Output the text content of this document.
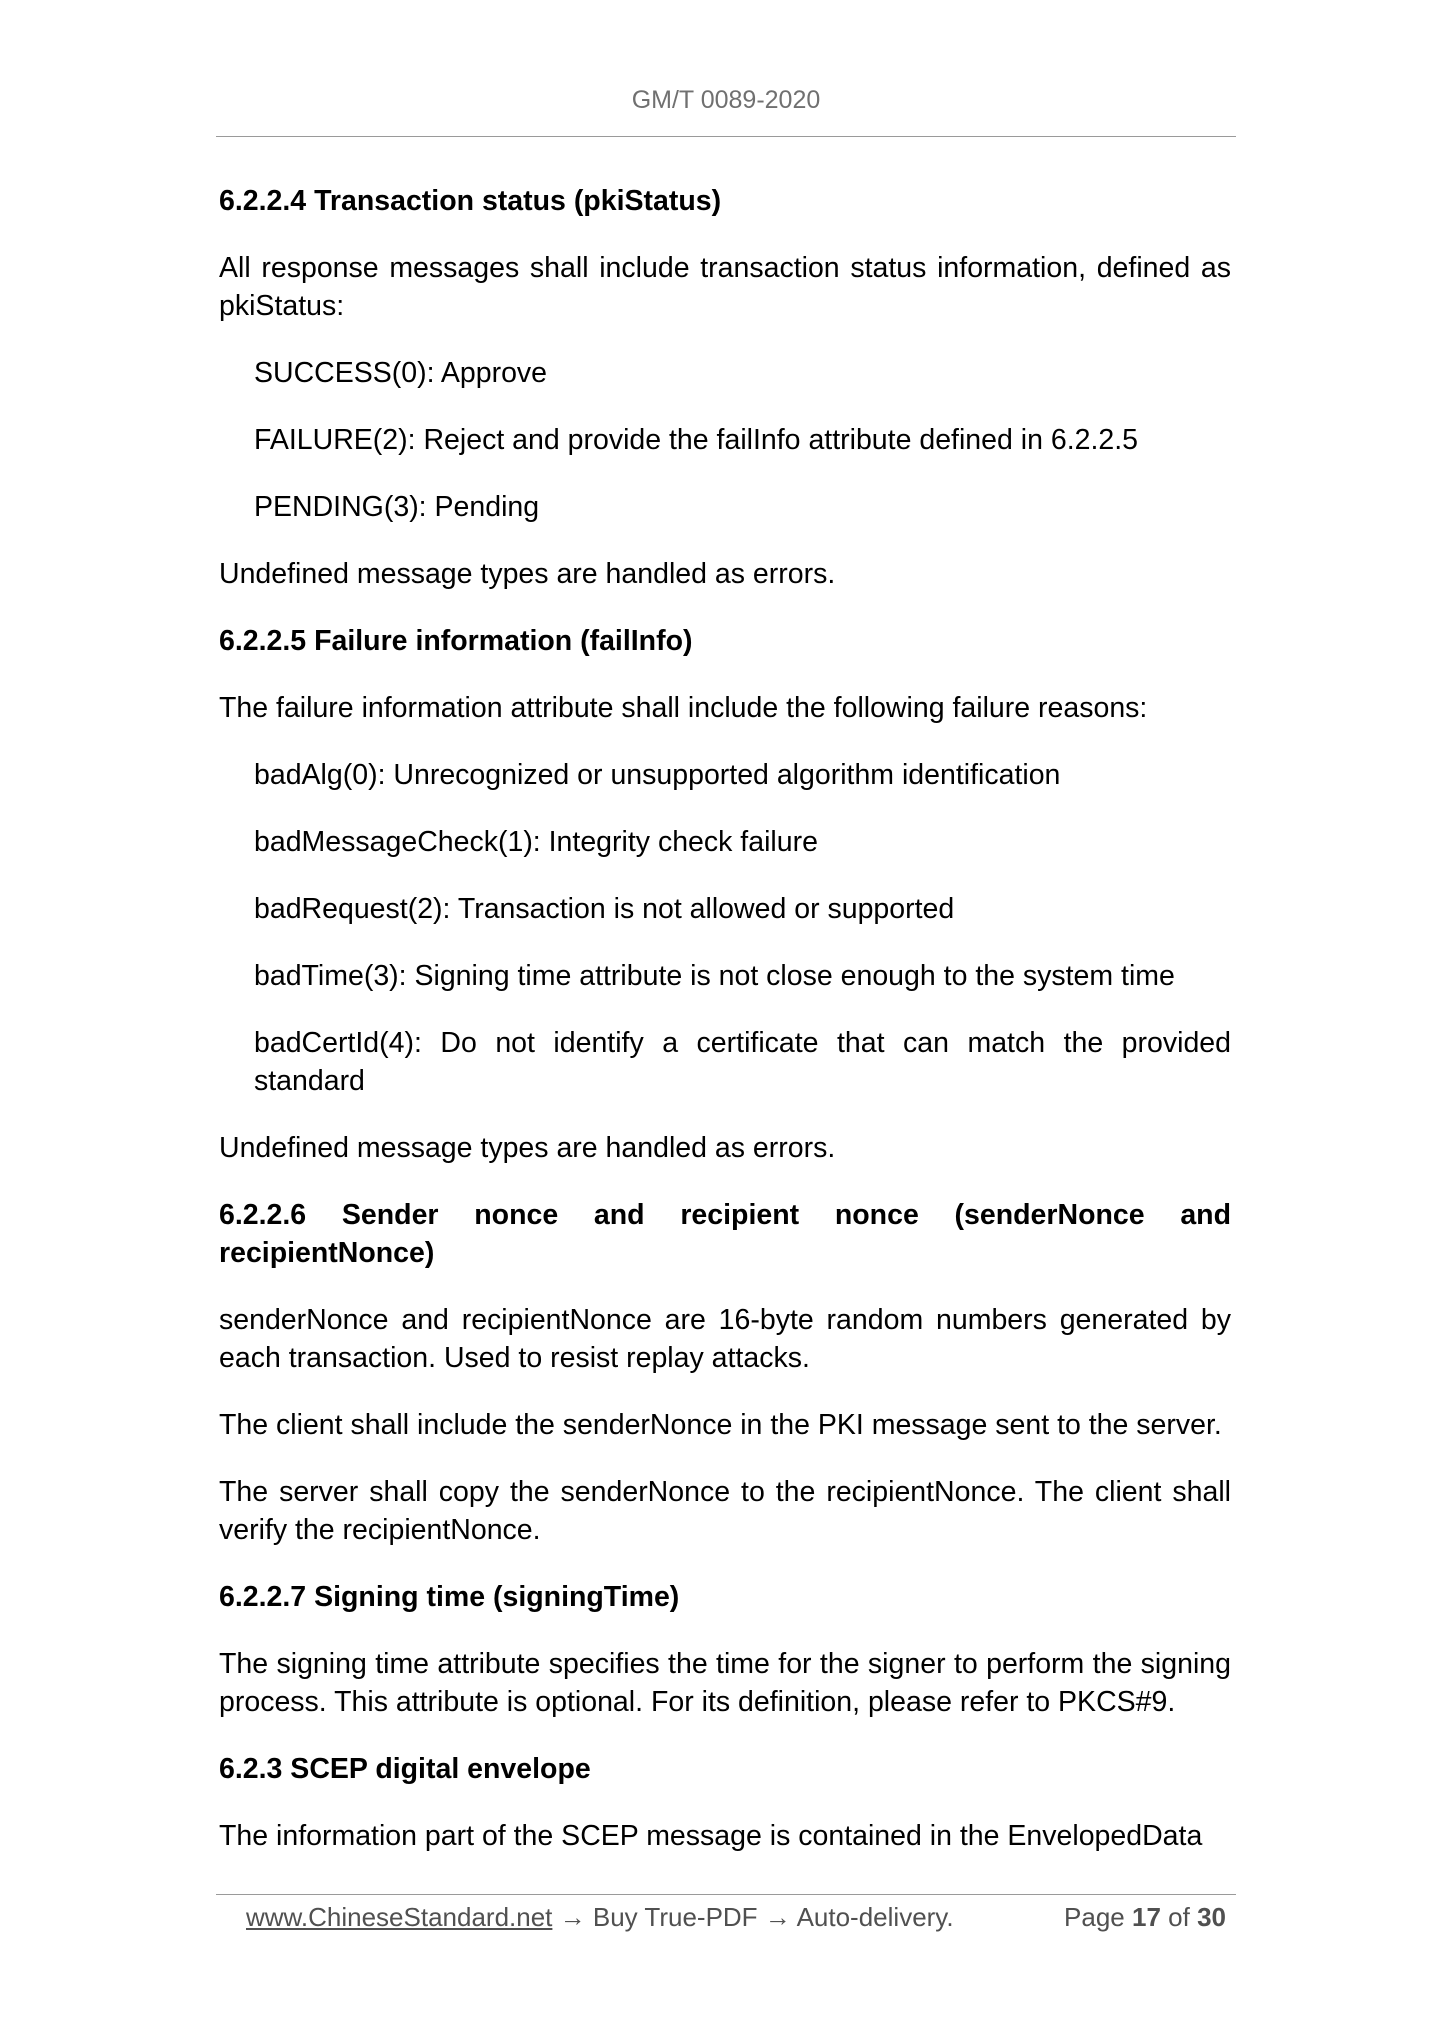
GM/T 0089-2020
6.2.2.4 Transaction status (pkiStatus)

All response messages shall include transaction status information, defined as pkiStatus:

SUCCESS(0): Approve

FAILURE(2): Reject and provide the failInfo attribute defined in 6.2.2.5

PENDING(3): Pending

Undefined message types are handled as errors.

6.2.2.5 Failure information (failInfo)

The failure information attribute shall include the following failure reasons:

badAlg(0): Unrecognized or unsupported algorithm identification

badMessageCheck(1): Integrity check failure

badRequest(2): Transaction is not allowed or supported

badTime(3): Signing time attribute is not close enough to the system time

badCertId(4): Do not identify a certificate that can match the provided standard

Undefined message types are handled as errors.

6.2.2.6 Sender nonce and recipient nonce (senderNonce and recipientNonce)

senderNonce and recipientNonce are 16-byte random numbers generated by each transaction. Used to resist replay attacks.

The client shall include the senderNonce in the PKI message sent to the server.

The server shall copy the senderNonce to the recipientNonce. The client shall verify the recipientNonce.

6.2.2.7 Signing time (signingTime)

The signing time attribute specifies the time for the signer to perform the signing process. This attribute is optional. For its definition, please refer to PKCS#9.

6.2.3 SCEP digital envelope

The information part of the SCEP message is contained in the EnvelopedData

www.ChineseStandard.net → Buy True-PDF → Auto-delivery.	Page 17 of 30
